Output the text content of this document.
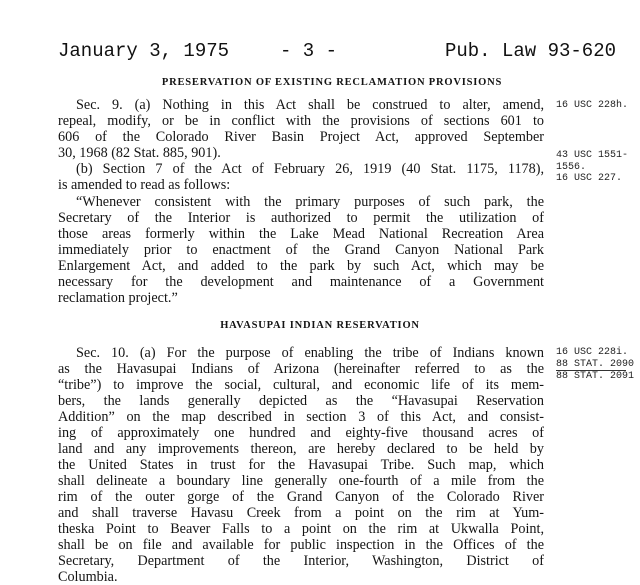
January 3, 1975	- 3 -	Pub. Law 93-620
PRESERVATION OF EXISTING RECLAMATION PROVISIONS
Sec. 9. (a) Nothing in this Act shall be construed to alter, amend,
repeal, modify, or be in conflict with the provisions of sections 601 to
606 of the Colorado River Basin Project Act, approved September
30, 1968 (82 Stat. 885, 901).
(b) Section 7 of the Act of February 26, 1919 (40 Stat. 1175, 1178),
is amended to read as follows:
“Whenever consistent with the primary purposes of such park, the
Secretary of the Interior is authorized to permit the utilization of
those areas formerly within the Lake Mead National Recreation Area
immediately prior to enactment of the Grand Canyon National Park
Enlargement Act, and added to the park by such Act, which may be
necessary for the development and maintenance of a Government
reclamation project.”
HAVASUPAI INDIAN RESERVATION
Sec. 10. (a) For the purpose of enabling the tribe of Indians known
as the Havasupai Indians of Arizona (hereinafter referred to as the
“tribe”) to improve the social, cultural, and economic life of its mem-
bers, the lands generally depicted as the “Havasupai Reservation
Addition” on the map described in section 3 of this Act, and consist-
ing of approximately one hundred and eighty-five thousand acres of
land and any improvements thereon, are hereby declared to be held by
the United States in trust for the Havasupai Tribe. Such map, which
shall delineate a boundary line generally one-fourth of a mile from the
rim of the outer gorge of the Grand Canyon of the Colorado River
and shall traverse Havasu Creek from a point on the rim at Yum-
theska Point to Beaver Falls to a point on the rim at Ukwalla Point,
shall be on file and available for public inspection in the Offices of the
Secretary, Department of the Interior, Washington, District of
Columbia.
16 USC 228h.
43 USC 1551-
1556.
16 USC 227.
16 USC 228i.
88 STAT. 2090
88 STAT. 2091
